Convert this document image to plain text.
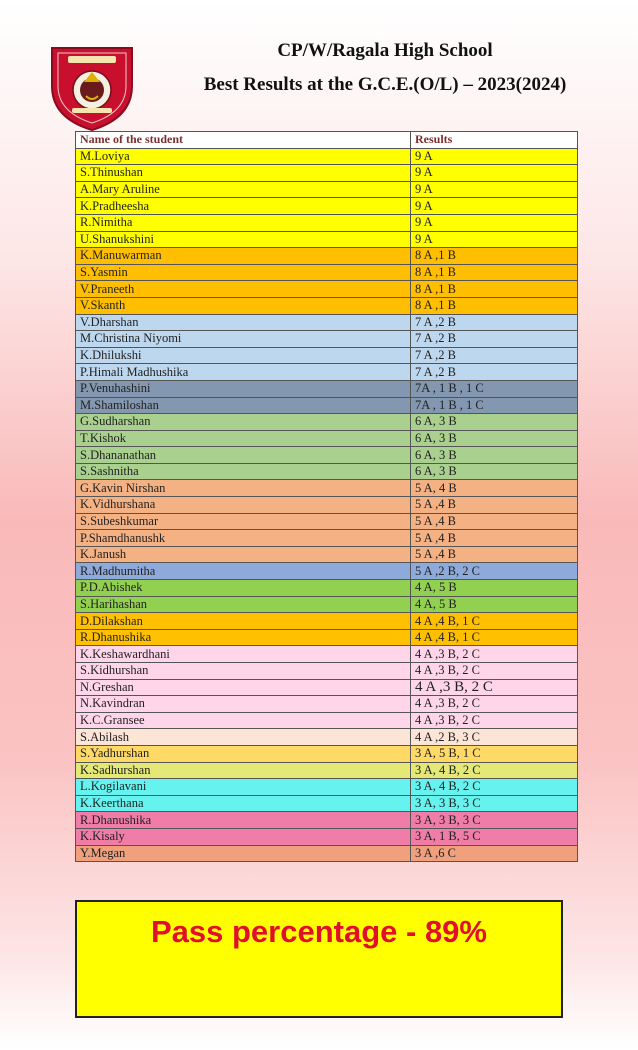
CP/W/Ragala High School
Best Results at the G.C.E.(O/L) – 2023(2024)
Name of the student	Results
M.Loviya	9 A
S.Thinushan	9 A
A.Mary Aruline	9 A
K.Pradheesha	9 A
R.Nimitha	9 A
U.Shanukshini	9 A
K.Manuwarman	8 A ,1 B
S.Yasmin	8 A ,1 B
V.Praneeth	8 A ,1 B
V.Skanth	8 A ,1 B
V.Dharshan	7 A ,2 B
M.Christina Niyomi	7 A ,2 B
K.Dhilukshi	7 A ,2 B
P.Himali Madhushika	7 A ,2 B
P.Venuhashini	7A , 1 B , 1 C
M.Shamiloshan	7A , 1 B , 1 C
G.Sudharshan	6 A, 3 B
T.Kishok	6 A, 3 B
S.Dhananathan	6 A, 3 B
S.Sashnitha	6 A, 3 B
G.Kavin Nirshan	5 A, 4 B
K.Vidhurshana	5 A ,4 B
S.Subeshkumar	5 A ,4 B
P.Shamdhanushk	5 A ,4 B
K.Janush	5 A ,4 B
R.Madhumitha	5 A ,2 B, 2 C
P.D.Abishek	4 A, 5 B
S.Harihashan	4 A, 5 B
D.Dilakshan	4 A ,4 B, 1 C
R.Dhanushika	4 A ,4 B, 1 C
K.Keshawardhani	4 A ,3 B, 2 C
S.Kidhurshan	4 A ,3 B, 2 C
N.Greshan	4 A ,3 B, 2 C
N.Kavindran	4 A ,3 B, 2 C
K.C.Gransee	4 A ,3 B, 2 C
S.Abilash	4 A ,2 B, 3 C
S.Yadhurshan	3 A, 5 B, 1 C
K.Sadhurshan	3 A, 4 B, 2 C
L.Kogilavani	3 A, 4 B, 2 C
K.Keerthana	3 A, 3 B, 3 C
R.Dhanushika	3 A, 3 B, 3 C
K.Kisaly	3 A, 1 B, 5 C
Y.Megan	3 A ,6 C
Pass percentage - 89%
